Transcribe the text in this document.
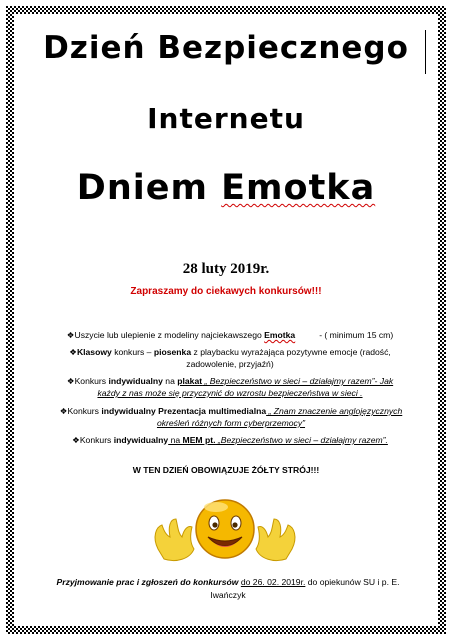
Dzień Bezpiecznego
Internetu
Dniem Emotka
28 luty 2019r.
Zapraszamy do ciekawych konkursów!!!
❖Uszycie lub ulepienie z modeliny najciekawszego Emotka	- ( minimum 15 cm)
❖Klasowy konkurs – piosenka z playbacku wyrażająca pozytywne emocje (radość,
zadowolenie, przyjaźń)
❖Konkurs indywidualny na plakat „ Bezpieczeństwo w sieci – działajmy razem”- Jak
każdy z nas może się przyczynić do wzrostu bezpieczeństwa w sieci .
❖Konkurs indywidualny Prezentacja multimedialna „ Znam znaczenie anglojęzycznych
określeń różnych form cyberprzemocy”
❖Konkurs indywidualny na MEM pt. „Bezpieczeństwo w sieci – działajmy razem”.
W TEN DZIEŃ OBOWIĄZUJE ŻÓŁTY STRÓJ!!!
Przyjmowanie prac i zgłoszeń do konkursów do 26. 02. 2019r. do opiekunów SU i p. E.
Iwańczyk
